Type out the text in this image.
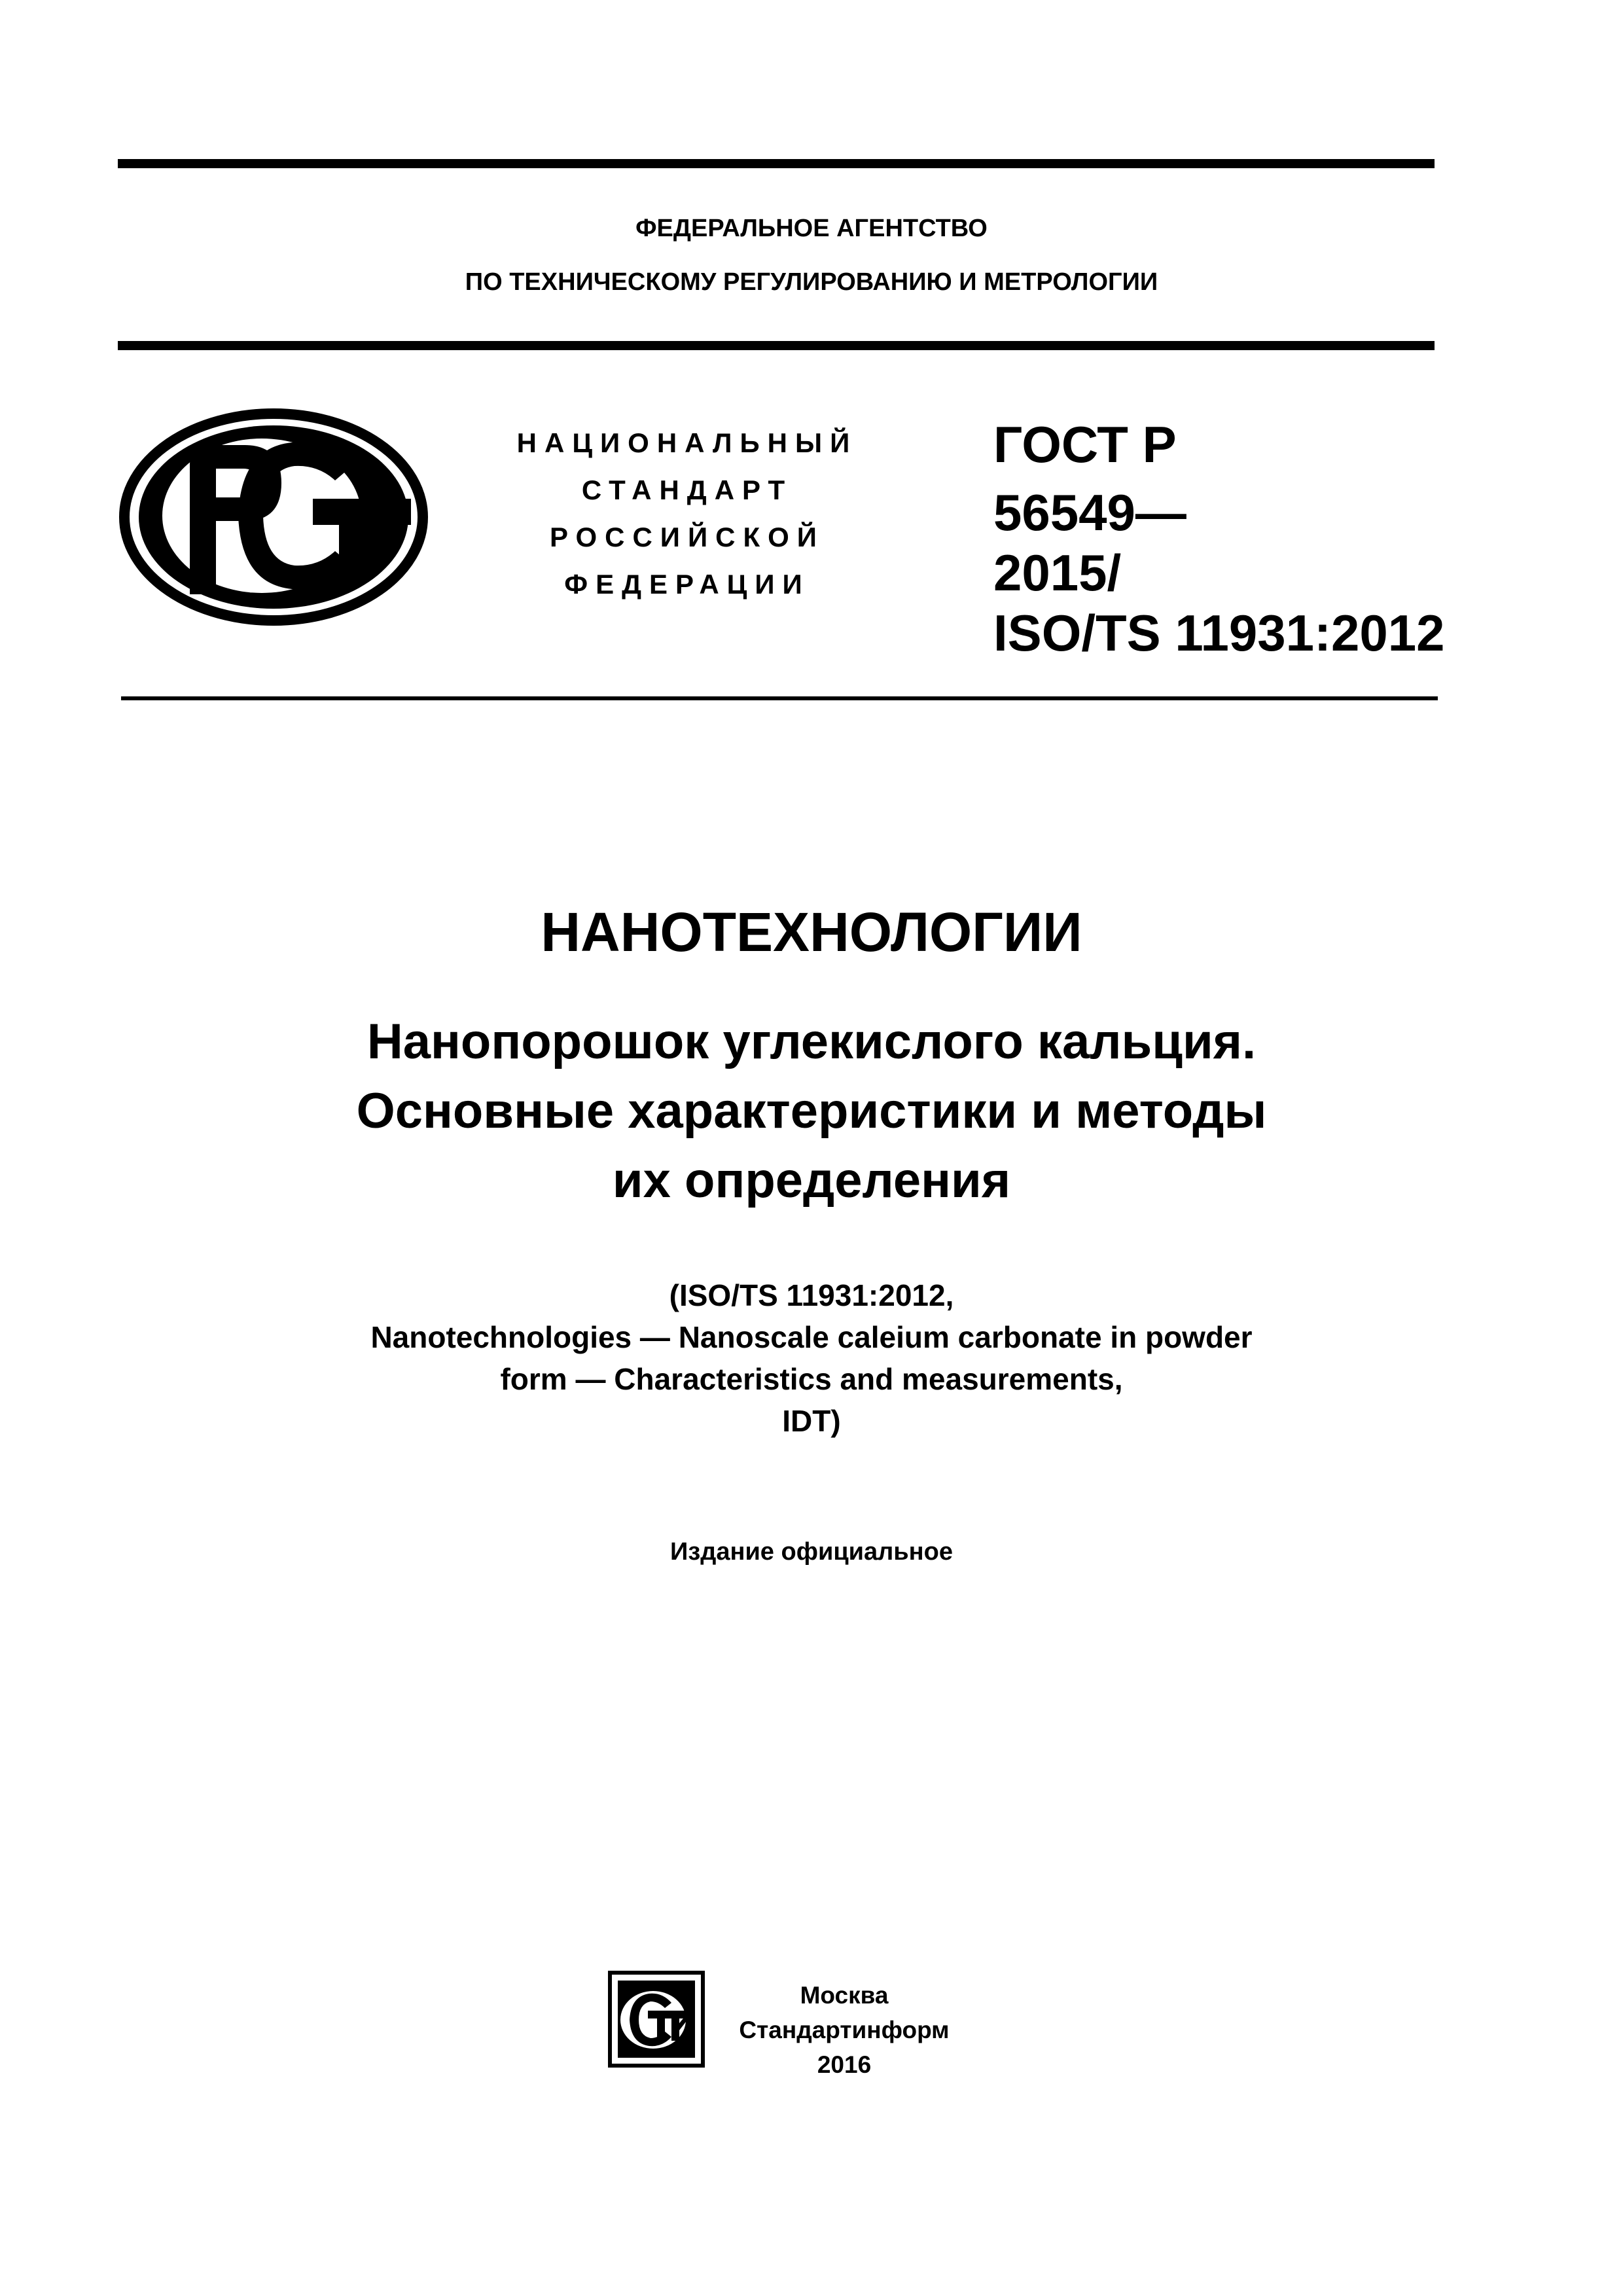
ФЕДЕРАЛЬНОЕ АГЕНТСТВО
ПО ТЕХНИЧЕСКОМУ РЕГУЛИРОВАНИЮ И МЕТРОЛОГИИ
НАЦИОНАЛЬНЫЙ
СТАНДАРТ
РОССИЙСКОЙ
ФЕДЕРАЦИИ
ГОСТ Р
56549—
2015/
ISO/TS 11931:2012
НАНОТЕХНОЛОГИИ
Нанопорошок углекислого кальция.
Основные характеристики и методы
их определения
(ISO/TS 11931:2012,
Nanotechnologies — Nanoscale caleium carbonate in powder
form — Characteristics and measurements,
IDT)
Издание официальное
Москва
Стандартинформ
2016
